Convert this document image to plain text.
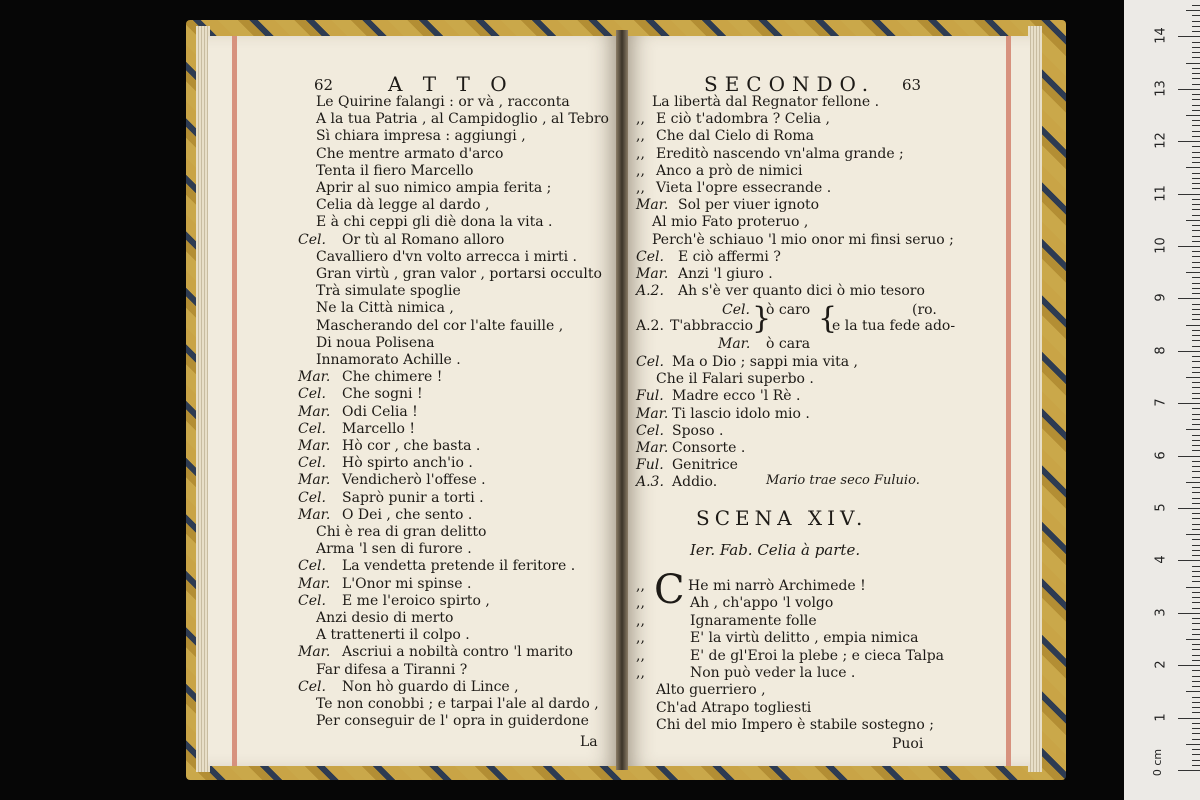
62	A T T O
Le Quirine falangi : or và , racconta
A la tua Patria , al Campidoglio , al Tebro
Sì chiara impresa : aggiungi ,
Che mentre armato d'arco
Tenta il fiero Marcello
Aprir al suo nimico ampia ferita ;
Celia dà legge al dardo ,
E à chi ceppi gli diè dona la vita .
Cel. Or tù al Romano alloro
Cavalliero d'vn volto arrecca i mirti .
Gran virtù , gran valor , portarsi occulto
Trà simulate spoglie
Ne la Città nimica ,
Mascherando del cor l'alte fauille ,
Di noua Polisena
Innamorato Achille .
Mar. Che chimere !
Cel. Che sogni !
Mar. Odi Celia !
Cel. Marcello !
Mar. Hò cor , che basta .
Cel. Hò spirto anch'io .
Mar. Vendicherò l'offese .
Cel. Saprò punir a torti .
Mar. O Dei , che sento .
Chi è rea di gran delitto
Arma 'l sen di furore .
Cel. La vendetta pretende il feritore .
Mar. L'Onor mi spinse .
Cel. E me l'eroico spirto ,
Anzi desio di merto
A trattenerti il colpo .
Mar. Ascriui a nobiltà contro 'l marito
Far difesa a Tiranni ?
Cel. Non hò guardo di Lince ,
Te non conobbi ; e tarpai l'ale al dardo ,
Per conseguir de l' opra in guiderdone
La
SECONDO. 63
La libertà dal Regnator fellone .
,, E ciò t'adombra ? Celia ,
,, Che dal Cielo di Roma
,, Ereditò nascendo vn'alma grande ;
,, Anco a prò de nimici
,, Vieta l'opre essecrande .
Mar. Sol per viuer ignoto
Al mio Fato proteruo ,
Perch'è schiauo 'l mio onor mi finsi seruo ;
Cel. E ciò affermi ?
Mar. Anzi 'l giuro .
A.2. Ah s'è ver quanto dici ò mio tesoro
A.2. T'abbraccio
Cel. ò caro
Mar. ò cara
} {
e la tua fede ado-
(ro.
Cel. Ma o Dio ; sappi mia vita ,
Che il Falari superbo .
Ful. Madre ecco 'l Rè .
Mar. Ti lascio idolo mio .
Cel. Sposo .
Mar. Consorte .
Ful. Genitrice
A.3. Addio.	Mario trae seco Fuluio.
SCENA XIV.
Ier. Fab. Celia à parte.
C
,,	He mi narrò Archimede !
,,	Ah , ch'appo 'l volgo
,,	Ignaramente folle
,,	E' la virtù delitto , empia nimica
,,	E' de gl'Eroi la plebe ; e cieca Talpa
,,	Non può veder la luce .
Alto guerriero ,
Ch'ad Atrapo togliesti
Chi del mio Impero è stabile sostegno ;
Puoi
1
2
3
4
5
6
7
8
9
10
11
12
13
14
0 cm
